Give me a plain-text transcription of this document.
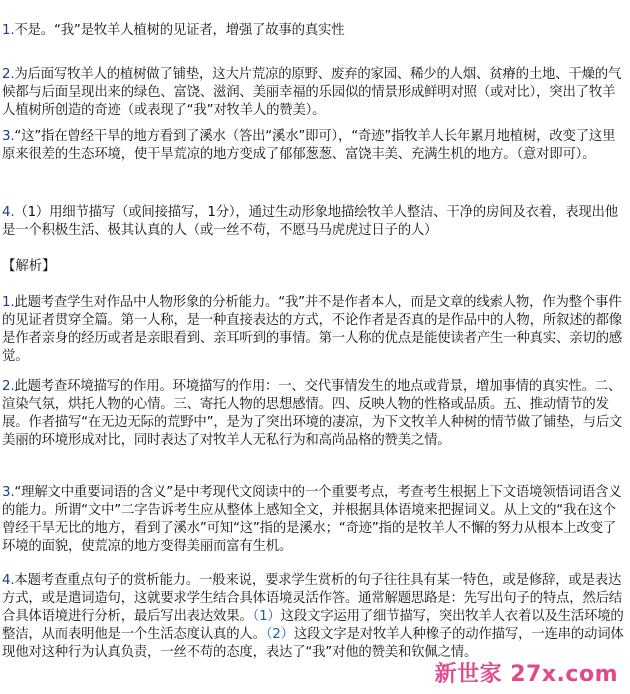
1.不是。“我”是牧羊人植树的见证者，增强了故事的真实性

2.为后面写牧羊人的植树做了铺垫，这大片荒凉的原野、废弃的家园、稀少的人烟、贫瘠的土地、干燥的气候都与后面呈现出来的绿色、富饶、滋润、美丽幸福的乐园似的情景形成鲜明对照（或对比），突出了牧羊人植树所创造的奇迹（或表现了“我”对牧羊人的赞美）。

3.“这”指在曾经干旱的地方看到了溪水（答出“溪水”即可），“奇迹”指牧羊人长年累月地植树，改变了这里原来很差的生态环境，使干旱荒凉的地方变成了郁郁葱葱、富饶丰美、充满生机的地方。（意对即可）。

4.（1）用细节描写（或间接描写，1分），通过生动形象地描绘牧羊人整洁、干净的房间及衣着，表现出他是一个积极生活、极其认真的人（或一丝不苟，不愿马马虎虎过日子的人）

【解析】

1.此题考查学生对作品中人物形象的分析能力。“我”并不是作者本人，而是文章的线索人物，作为整个事件的见证者贯穿全篇。第一人称，是一种直接表达的方式，不论作者是否真的是作品中的人物，所叙述的都像是作者亲身的经历或者是亲眼看到、亲耳听到的事情。第一人称的优点是能使读者产生一种真实、亲切的感觉。

2.此题考查环境描写的作用。环境描写的作用：一、交代事情发生的地点或背景，增加事情的真实性。二、渲染气氛，烘托人物的心情。三、寄托人物的思想感情。四、反映人物的性格或品质。五、推动情节的发展。作者描写“在无边无际的荒野中”，是为了突出环境的凄凉，为下文牧羊人种树的情节做了铺垫，与后文美丽的环境形成对比，同时表达了对牧羊人无私行为和高尚品格的赞美之情。

3.“理解文中重要词语的含义”是中考现代文阅读中的一个重要考点，考查考生根据上下文语境领悟词语含义的能力。所谓“文中”二字告诉考生应从整体上感知全文，并根据具体语境来把握词义。从上文的“我在这个曾经干旱无比的地方，看到了溪水”可知“这”指的是溪水；“奇迹”指的是牧羊人不懈的努力从根本上改变了环境的面貌，使荒凉的地方变得美丽而富有生机。

4.本题考查重点句子的赏析能力。一般来说，要求学生赏析的句子往往具有某一特色，或是修辞，或是表达方式，或是遣词造句，这就要求学生结合具体语境灵活作答。通常解题思路是：先写出句子的特点，然后结合具体语境进行分析，最后写出表达效果。（1）这段文字运用了细节描写，突出牧羊人衣着以及生活环境的整洁，从而表明他是一个生活态度认真的人。（2）这段文字是对牧羊人种橡子的动作描写，一连串的动词体现他对这种行为认真负责，一丝不苟的态度，表达了“我”对他的赞美和钦佩之情。

新世家 27x.com
